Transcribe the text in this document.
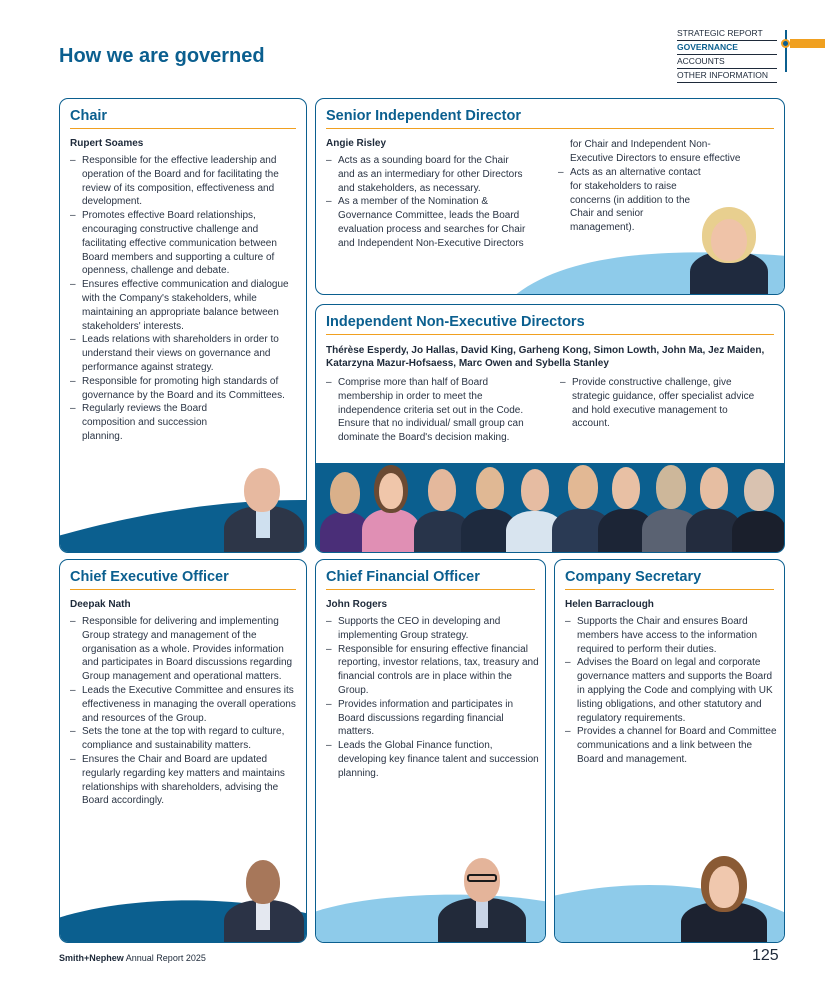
How we are governed
STRATEGIC REPORT
GOVERNANCE
ACCOUNTS
OTHER INFORMATION
Chair
Rupert Soames
– Responsible for the effective leadership and operation of the Board and for facilitating the review of its composition, effectiveness and development.
– Promotes effective Board relationships, encouraging constructive challenge and facilitating effective communication between Board members and supporting a culture of openness, challenge and debate.
– Ensures effective communication and dialogue with the Company's stakeholders, while maintaining an appropriate balance between stakeholders' interests.
– Leads relations with shareholders in order to understand their views on governance and performance against strategy.
– Responsible for promoting high standards of governance by the Board and its Committees.
– Regularly reviews the Board composition and succession planning.
Senior Independent Director
Angie Risley
– Acts as a sounding board for the Chair and as an intermediary for other Directors and stakeholders, as necessary.
– As a member of the Nomination & Governance Committee, leads the Board evaluation process and searches for Chair and Independent Non-Executive Directors
for Chair and Independent Non-Executive Directors to ensure effective
– Acts as an alternative contact for stakeholders to raise concerns (in addition to the Chair and senior management).
Independent Non-Executive Directors
Thérèse Esperdy, Jo Hallas, David King, Garheng Kong, Simon Lowth, John Ma, Jez Maiden, Katarzyna Mazur-Hofsaess, Marc Owen and Sybella Stanley
– Comprise more than half of Board membership in order to meet the independence criteria set out in the Code. Ensure that no individual/ small group can dominate the Board's decision making.
– Provide constructive challenge, give strategic guidance, offer specialist advice and hold executive management to account.
Chief Executive Officer
Deepak Nath
– Responsible for delivering and implementing Group strategy and management of the organisation as a whole. Provides information and participates in Board discussions regarding Group management and operational matters.
– Leads the Executive Committee and ensures its effectiveness in managing the overall operations and resources of the Group.
– Sets the tone at the top with regard to culture, compliance and sustainability matters.
– Ensures the Chair and Board are updated regularly regarding key matters and maintains relationships with shareholders, advising the Board accordingly.
Chief Financial Officer
John Rogers
– Supports the CEO in developing and implementing Group strategy.
– Responsible for ensuring effective financial reporting, investor relations, tax, treasury and financial controls are in place within the Group.
– Provides information and participates in Board discussions regarding financial matters.
– Leads the Global Finance function, developing key finance talent and succession planning.
Company Secretary
Helen Barraclough
– Supports the Chair and ensures Board members have access to the information required to perform their duties.
– Advises the Board on legal and corporate governance matters and supports the Board in applying the Code and complying with UK listing obligations, and other statutory and regulatory requirements.
– Provides a channel for Board and Committee communications and a link between the Board and management.
Smith+Nephew Annual Report 2025	125
